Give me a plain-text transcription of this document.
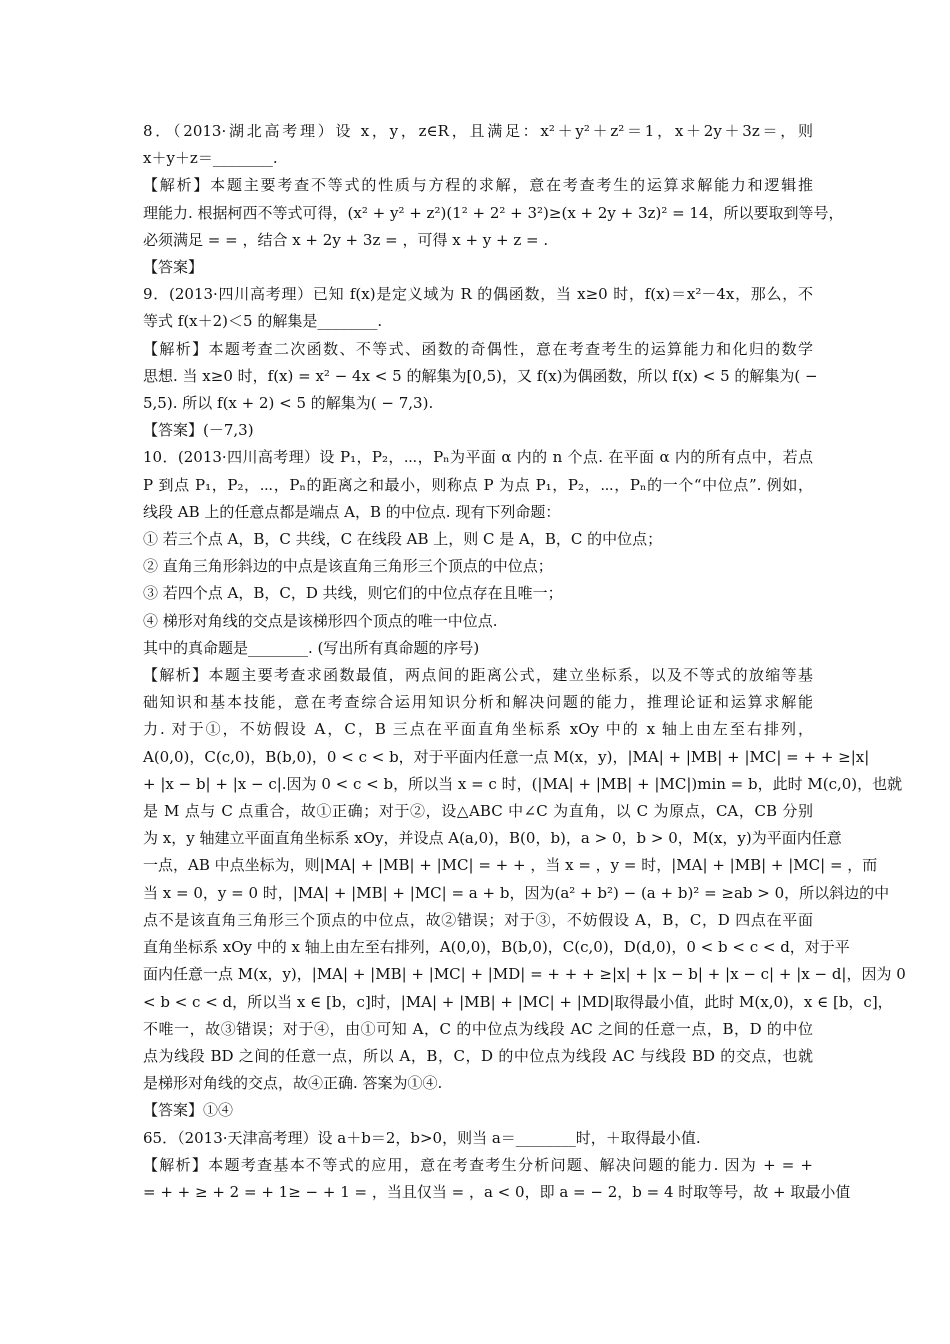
8．（2013·湖北高考理）设 x，y，z∈R，且满足：x²＋y²＋z²＝1，x＋2y＋3z＝，则
x＋y＋z＝________.
【解析】本题主要考查不等式的性质与方程的求解，意在考查考生的运算求解能力和逻辑推
理能力. 根据柯西不等式可得，(x² + y² + z²)(1² + 2² + 3²)≥(x + 2y + 3z)² = 14，所以要取到等号，
必须满足 = = ，结合 x + 2y + 3z = ，可得 x + y + z = .
【答案】
9．(2013·四川高考理）已知 f(x)是定义域为 R 的偶函数，当 x≥0 时，f(x)＝x²－4x，那么，不
等式 f(x＋2)＜5 的解集是________.
【解析】本题考查二次函数、不等式、函数的奇偶性，意在考查考生的运算能力和化归的数学
思想. 当 x≥0 时，f(x) = x² − 4x < 5 的解集为[0,5)，又 f(x)为偶函数，所以 f(x) < 5 的解集为( −
5,5). 所以 f(x + 2) < 5 的解集为( − 7,3).
【答案】(－7,3)
10．(2013·四川高考理）设 P₁，P₂，⋯，Pₙ为平面 α 内的 n 个点. 在平面 α 内的所有点中，若点
P 到点 P₁，P₂，⋯，Pₙ的距离之和最小，则称点 P 为点 P₁，P₂，⋯，Pₙ的一个“中位点”. 例如，
线段 AB 上的任意点都是端点 A，B 的中位点. 现有下列命题：
① 若三个点 A，B，C 共线，C 在线段 AB 上，则 C 是 A，B，C 的中位点；
② 直角三角形斜边的中点是该直角三角形三个顶点的中位点；
③ 若四个点 A，B，C，D 共线，则它们的中位点存在且唯一；
④ 梯形对角线的交点是该梯形四个顶点的唯一中位点.
其中的真命题是________. (写出所有真命题的序号)
【解析】本题主要考查求函数最值，两点间的距离公式，建立坐标系，以及不等式的放缩等基
础知识和基本技能，意在考查综合运用知识分析和解决问题的能力，推理论证和运算求解能
力. 对于①，不妨假设 A，C，B 三点在平面直角坐标系 xOy 中的 x 轴上由左至右排列，
A(0,0)，C(c,0)，B(b,0)，0 < c < b，对于平面内任意一点 M(x，y)，|MA| + |MB| + |MC| = + + ≥|x|
+ |x − b| + |x − c|.因为 0 < c < b，所以当 x = c 时，(|MA| + |MB| + |MC|)min = b，此时 M(c,0)，也就
是 M 点与 C 点重合，故①正确；对于②，设△ABC 中∠C 为直角，以 C 为原点，CA，CB 分别
为 x，y 轴建立平面直角坐标系 xOy，并设点 A(a,0)，B(0，b)，a > 0，b > 0，M(x，y)为平面内任意
一点，AB 中点坐标为，则|MA| + |MB| + |MC| = + + ，当 x = ，y = 时，|MA| + |MB| + |MC| = ，而
当 x = 0，y = 0 时，|MA| + |MB| + |MC| = a + b，因为(a² + b²) − (a + b)² = ≥ab > 0，所以斜边的中
点不是该直角三角形三个顶点的中位点，故②错误；对于③，不妨假设 A，B，C，D 四点在平面
直角坐标系 xOy 中的 x 轴上由左至右排列，A(0,0)，B(b,0)，C(c,0)，D(d,0)，0 < b < c < d，对于平
面内任意一点 M(x，y)，|MA| + |MB| + |MC| + |MD| = + + + ≥|x| + |x − b| + |x − c| + |x − d|，因为 0
< b < c < d，所以当 x ∈ [b，c]时，|MA| + |MB| + |MC| + |MD|取得最小值，此时 M(x,0)，x ∈ [b，c]，
不唯一，故③错误；对于④，由①可知 A，C 的中位点为线段 AC 之间的任意一点，B，D 的中位
点为线段 BD 之间的任意一点，所以 A，B，C，D 的中位点为线段 AC 与线段 BD 的交点，也就
是梯形对角线的交点，故④正确. 答案为①④.
【答案】①④
65．（2013·天津高考理）设 a＋b＝2，b>0，则当 a＝________时，＋取得最小值.
【解析】本题考查基本不等式的应用，意在考查考生分析问题、解决问题的能力. 因为 + = +
= + + ≥ + 2 = + 1≥ − + 1 = ，当且仅当 = ，a < 0，即 a = − 2，b = 4 时取等号，故 + 取最小值
